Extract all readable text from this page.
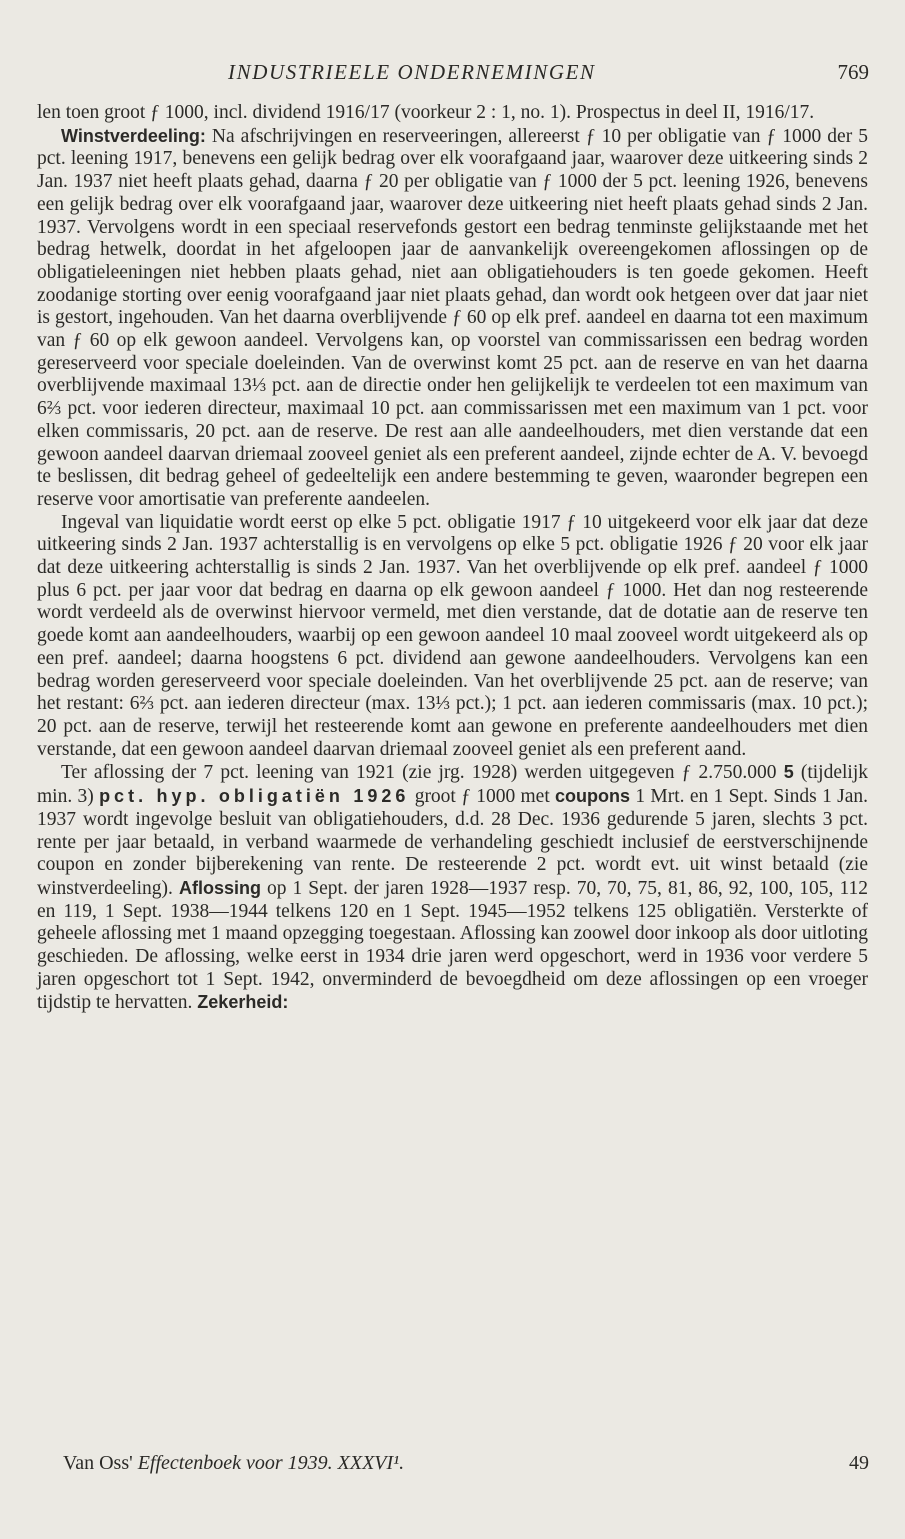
INDUSTRIEELE ONDERNEMINGEN	769

len toen groot ƒ 1000, incl. dividend 1916/17 (voorkeur 2 : 1, no. 1). Prospectus in deel II, 1916/17.

Winstverdeeling: Na afschrijvingen en reserveeringen, allereerst ƒ 10 per obligatie van ƒ 1000 der 5 pct. leening 1917, benevens een gelijk bedrag over elk voorafgaand jaar, waarover deze uitkeering sinds 2 Jan. 1937 niet heeft plaats gehad, daarna ƒ 20 per obligatie van ƒ 1000 der 5 pct. leening 1926, benevens een gelijk bedrag over elk voorafgaand jaar, waarover deze uitkeering niet heeft plaats gehad sinds 2 Jan. 1937. Vervolgens wordt in een speciaal reservefonds gestort een bedrag tenminste gelijkstaande met het bedrag hetwelk, doordat in het afgeloopen jaar de aanvankelijk overeengekomen aflossingen op de obligatieleeningen niet hebben plaats gehad, niet aan obligatiehouders is ten goede gekomen. Heeft zoodanige storting over eenig voorafgaand jaar niet plaats gehad, dan wordt ook hetgeen over dat jaar niet is gestort, ingehouden. Van het daarna overblijvende ƒ 60 op elk pref. aandeel en daarna tot een maximum van ƒ 60 op elk gewoon aandeel. Vervolgens kan, op voorstel van commissarissen een bedrag worden gereserveerd voor speciale doeleinden. Van de overwinst komt 25 pct. aan de reserve en van het daarna overblijvende maximaal 13⅓ pct. aan de directie onder hen gelijkelijk te verdeelen tot een maximum van 6⅔ pct. voor iederen directeur, maximaal 10 pct. aan commissarissen met een maximum van 1 pct. voor elken commissaris, 20 pct. aan de reserve. De rest aan alle aandeelhouders, met dien verstande dat een gewoon aandeel daarvan driemaal zooveel geniet als een preferent aandeel, zijnde echter de A. V. bevoegd te beslissen, dit bedrag geheel of gedeeltelijk een andere bestemming te geven, waaronder begrepen een reserve voor amortisatie van preferente aandeelen.

Ingeval van liquidatie wordt eerst op elke 5 pct. obligatie 1917 ƒ 10 uitgekeerd voor elk jaar dat deze uitkeering sinds 2 Jan. 1937 achterstallig is en vervolgens op elke 5 pct. obligatie 1926 ƒ 20 voor elk jaar dat deze uitkeering achterstallig is sinds 2 Jan. 1937. Van het overblijvende op elk pref. aandeel ƒ 1000 plus 6 pct. per jaar voor dat bedrag en daarna op elk gewoon aandeel ƒ 1000. Het dan nog resteerende wordt verdeeld als de overwinst hiervoor vermeld, met dien verstande, dat de dotatie aan de reserve ten goede komt aan aandeelhouders, waarbij op een gewoon aandeel 10 maal zooveel wordt uitgekeerd als op een pref. aandeel; daarna hoogstens 6 pct. dividend aan gewone aandeelhouders. Vervolgens kan een bedrag worden gereserveerd voor speciale doeleinden. Van het overblijvende 25 pct. aan de reserve; van het restant: 6⅔ pct. aan iederen directeur (max. 13⅓ pct.); 1 pct. aan iederen commissaris (max. 10 pct.); 20 pct. aan de reserve, terwijl het resteerende komt aan gewone en preferente aandeelhouders met dien verstande, dat een gewoon aandeel daarvan driemaal zooveel geniet als een preferent aand.

Ter aflossing der 7 pct. leening van 1921 (zie jrg. 1928) werden uitgegeven ƒ 2.750.000 5 (tijdelijk min. 3) pct. hyp. obligatiën 1926 groot ƒ 1000 met coupons 1 Mrt. en 1 Sept. Sinds 1 Jan. 1937 wordt ingevolge besluit van obligatiehouders, d.d. 28 Dec. 1936 gedurende 5 jaren, slechts 3 pct. rente per jaar betaald, in verband waarmede de verhandeling geschiedt inclusief de eerstverschijnende coupon en zonder bijberekening van rente. De resteerende 2 pct. wordt evt. uit winst betaald (zie winstverdeeling). Aflossing op 1 Sept. der jaren 1928—1937 resp. 70, 70, 75, 81, 86, 92, 100, 105, 112 en 119, 1 Sept. 1938—1944 telkens 120 en 1 Sept. 1945—1952 telkens 125 obligatiën. Versterkte of geheele aflossing met 1 maand opzegging toegestaan. Aflossing kan zoowel door inkoop als door uitloting geschieden. De aflossing, welke eerst in 1934 drie jaren werd opgeschort, werd in 1936 voor verdere 5 jaren opgeschort tot 1 Sept. 1942, onverminderd de bevoegdheid om deze aflossingen op een vroeger tijdstip te hervatten. Zekerheid:

Van Oss' Effectenboek voor 1939. XXXVI¹.	49
